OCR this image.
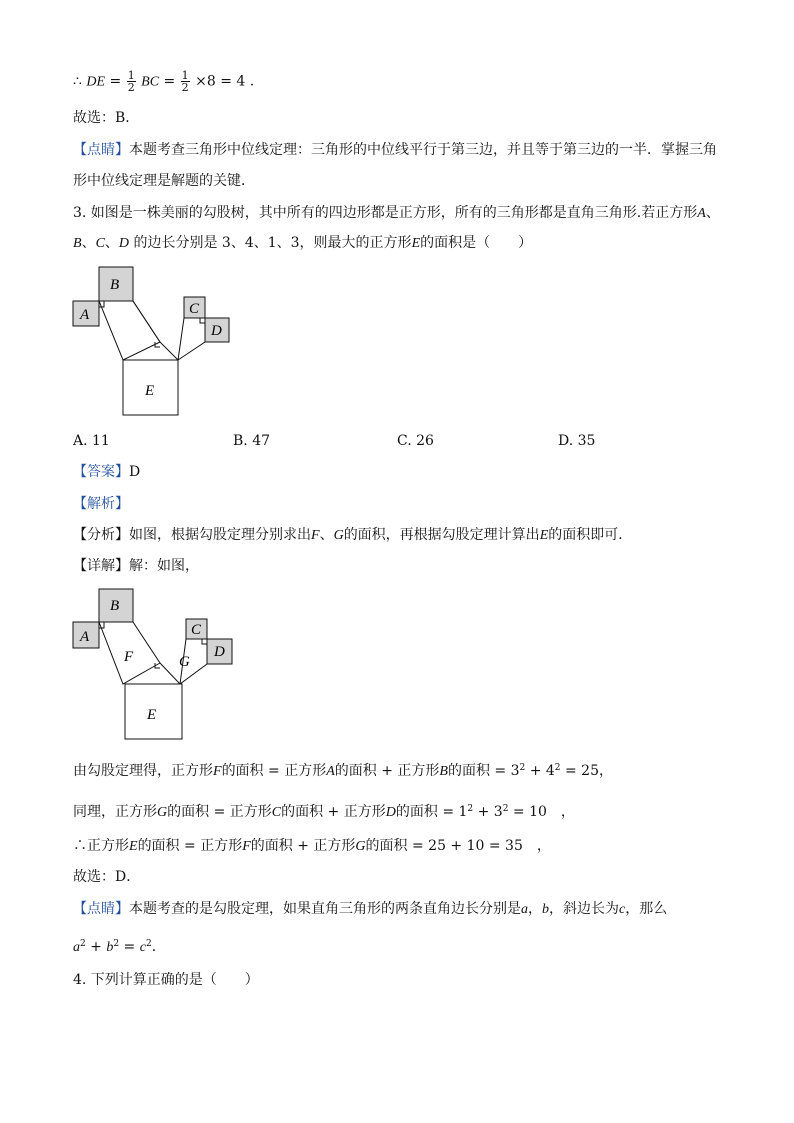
∴ DE = $\frac{1}{2}$ BC = $\frac{1}{2} \times 8 = 4$ .
故选：B．
【点睛】本题考查三角形中位线定理：三角形的中位线平行于第三边，并且等于第三边的一半．掌握三角
形中位线定理是解题的关键．
3. 如图是一株美丽的勾股树，其中所有的四边形都是正方形，所有的三角形都是直角三角形.若正方形A、
B、C、D 的边长分别是 3、4、1、3，则最大的正方形E的面积是（　　）
B
A	C
D
E
A. 11	B. 47	C. 26	D. 35
【答案】D
【解析】
【分析】如图，根据勾股定理分别求出F、G的面积，再根据勾股定理计算出E的面积即可．
【详解】解：如图，
B
A
F
C
G
D
E
由勾股定理得，正方形F的面积 = 正方形A的面积 + 正方形B的面积 = $3^2 + 4^2 = 25$，
同理，正方形G的面积 = 正方形C的面积 + 正方形D的面积 = $1^2 + 3^2 = 10$　，
∴正方形E的面积 = 正方形F的面积 + 正方形G的面积 = 25 + 10 = 35　，
故选：D．
【点睛】本题考查的是勾股定理，如果直角三角形的两条直角边长分别是a，b，斜边长为c，那么
$a^2 + b^2 = c^2$．
4. 下列计算正确的是（　　）
